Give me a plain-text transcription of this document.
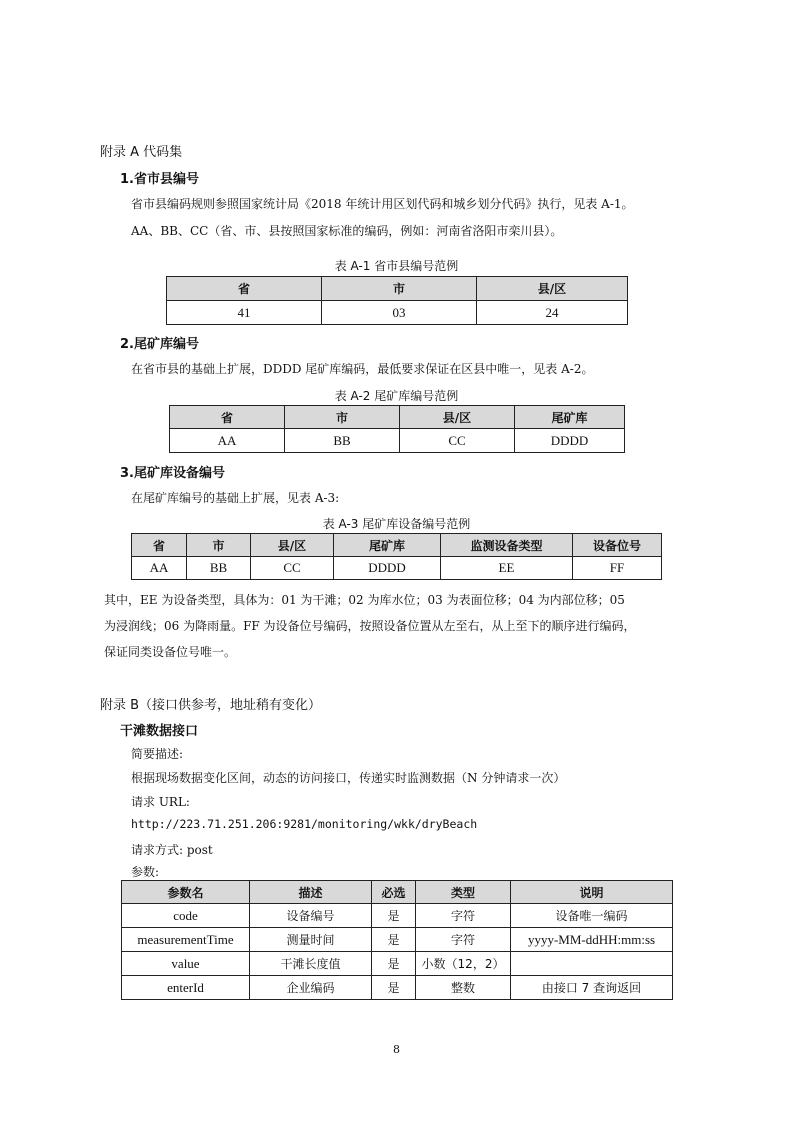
附录 A 代码集
1.省市县编号
省市县编码规则参照国家统计局《2018 年统计用区划代码和城乡划分代码》执行，见表 A-1。
AA、BB、CC（省、市、县按照国家标准的编码，例如：河南省洛阳市栾川县）。
表 A-1 省市县编号范例
省	市	县/区
41	03	24
2.尾矿库编号
在省市县的基础上扩展，DDDD 尾矿库编码，最低要求保证在区县中唯一，见表 A-2。
表 A-2 尾矿库编号范例
省	市	县/区	尾矿库
AA	BB	CC	DDDD
3.尾矿库设备编号
在尾矿库编号的基础上扩展，见表 A-3:
表 A-3 尾矿库设备编号范例
省	市	县/区	尾矿库	监测设备类型	设备位号
AA	BB	CC	DDDD	EE	FF
其中，EE 为设备类型，具体为：01 为干滩；02 为库水位；03 为表面位移；04 为内部位移；05
为浸润线；06 为降雨量。FF 为设备位号编码，按照设备位置从左至右，从上至下的顺序进行编码，
保证同类设备位号唯一。
附录 B（接口供参考，地址稍有变化）
干滩数据接口
简要描述:
根据现场数据变化区间，动态的访问接口，传递实时监测数据（N 分钟请求一次）
请求 URL:
http://223.71.251.206:9281/monitoring/wkk/dryBeach
请求方式: post
参数:
参数名	描述	必选	类型	说明
code	设备编号	是	字符	设备唯一编码
measurementTime	测量时间	是	字符	yyyy-MM-ddHH:mm:ss
value	干滩长度值	是	小数（12，2）	
enterId	企业编码	是	整数	由接口 7 查询返回
8
